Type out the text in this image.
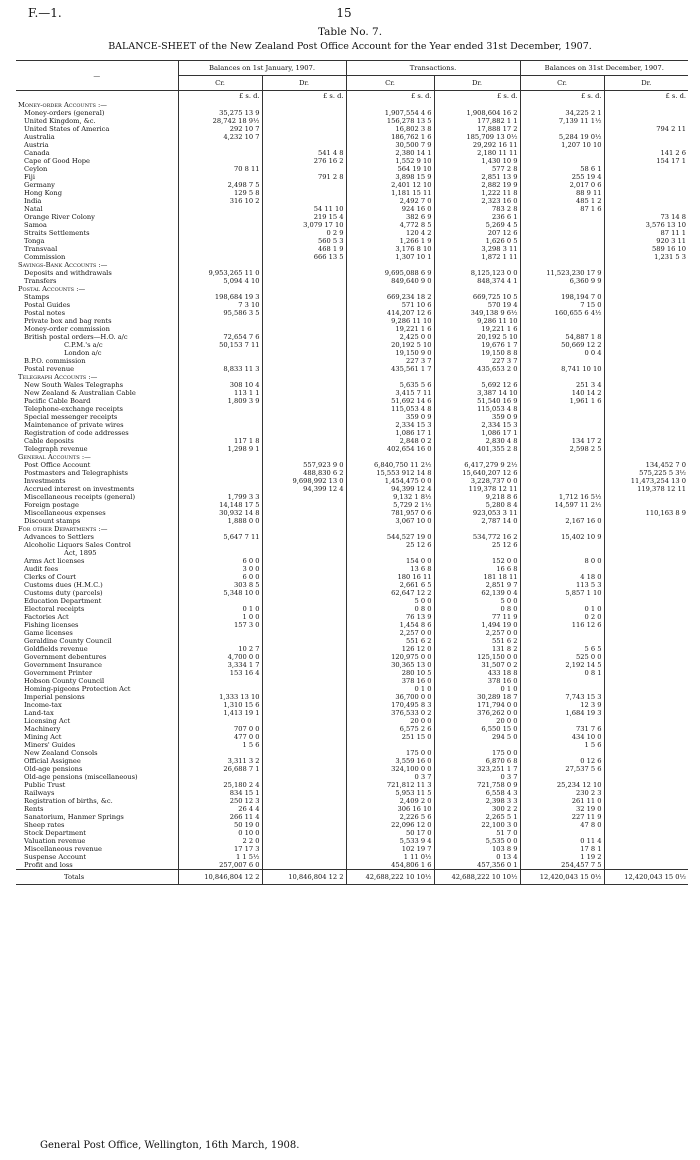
F.—1.	15
Table No. 7.
BALANCE-SHEET of the New Zealand Post Office Account for the Year ended 31st December, 1907.
—	Balances on 1st January, 1907.		Transactions.		Balances on 31st December, 1907.	
	Cr.	Dr.	Cr.	Dr.	Cr.	Dr.
	£ s. d.	£ s. d.	£ s. d.	£ s. d.	£ s. d.	£ s. d.
Money-order Accounts :—						
Money-orders (general)	35,275 13 9		1,907,554 4 6	1,908,604 16 2	34,225 2 1	
United Kingdom, &c.	28,742 18 9½		156,278 13 5	177,882 1 1	7,139 11 1½	
United States of America	292 10 7		16,802 3 8	17,888 17 2		794 2 11
Australia	4,232 10 7		186,762 1 6	185,709 13 0½	5,284 19 0½	
Austria			30,500 7 9	29,292 16 11	1,207 10 10	
Canada		541 4 8	2,380 14 1	2,180 11 11		141 2 6
Cape of Good Hope		276 16 2	1,552 9 10	1,430 10 9		154 17 1
Ceylon	70 8 11		564 19 10	577 2 8	58 6 1	
Fiji		791 2 8	3,898 15 9	2,851 13 9	255 19 4	
Germany	2,498 7 5		2,401 12 10	2,882 19 9	2,017 0 6	
Hong Kong	129 5 8		1,181 15 11	1,222 11 8	88 9 11	
India	316 10 2		2,492 7 0	2,323 16 0	485 1 2	
Natal		54 11 10	924 16 0	783 2 8	87 1 6	
Orange River Colony		219 15 4	382 6 9	236 6 1		73 14 8
Samoa		3,079 17 10	4,772 8 5	5,269 4 5		3,576 13 10
Straits Settlements		0 2 9	120 4 2	207 12 6		87 11 1
Tonga		560 5 3	1,266 1 9	1,626 0 5		920 3 11
Transvaal		468 1 9	3,176 8 10	3,298 3 11		589 16 10
Commission		666 13 5	1,307 10 1	1,872 1 11		1,231 5 3
Savings-Bank Accounts :—						
Deposits and withdrawals	9,953,265 11 0		9,695,088 6 9	8,125,123 0 0	11,523,230 17 9	
Transfers	5,094 4 10		849,640 9 0	848,374 4 1	6,360 9 9	
Postal Accounts :—						
Stamps	198,684 19 3		669,234 18 2	669,725 10 5	198,194 7 0	
Postal Guides	7 3 10		571 10 6	570 19 4	7 15 0	
Postal notes	95,586 3 5		414,207 12 6	349,138 9 6½	160,655 6 4½	
Private box and bag rents			9,286 11 10	9,286 11 10		
Money-order commission			19,221 1 6	19,221 1 6		
British postal orders—H.O. a/c	72,654 7 6		2,425 0 0	20,192 5 10	54,887 1 8	
C.P.M.'s a/c	50,153 7 11		20,192 5 10	19,676 1 7	50,669 12 2	
London a/c			19,150 9 0	19,150 8 8	0 0 4	
B.P.O. commission			227 3 7	227 3 7		
Postal revenue	8,833 11 3		435,561 1 7	435,653 2 0	8,741 10 10	
Telegraph Accounts :—						
New South Wales Telegraphs	308 10 4		5,635 5 6	5,692 12 6	251 3 4	
New Zealand & Australian Cable	113 1 1		3,415 7 11	3,387 14 10	140 14 2	
Pacific Cable Board	1,809 3 9		51,692 14 6	51,540 16 9	1,961 1 6	
Telephone-exchange receipts			115,053 4 8	115,053 4 8		
Special messenger receipts			359 0 9	359 0 9		
Maintenance of private wires			2,334 15 3	2,334 15 3		
Registration of code addresses			1,086 17 1	1,086 17 1		
Cable deposits	117 1 8		2,848 0 2	2,830 4 8	134 17 2	
Telegraph revenue	1,298 9 1		402,654 16 0	401,355 2 8	2,598 2 5	
General Accounts :—						
Post Office Account		557,923 9 0	6,840,750 11 2½	6,417,279 9 2½		134,452 7 0
Postmasters and Telegraphists		488,830 6 2	15,553 912 14 8	15,640,207 12 6		575,225 5 3½
Investments		9,698,992 13 0	1,454,475 0 0	3,228,737 0 0		11,473,254 13 0
Accrued interest on investments		94,399 12 4	94,399 12 4	119,378 12 11		119,378 12 11
Miscellaneous receipts (general)	1,799 3 3		9,132 1 8½	9,218 8 6	1,712 16 5½	
Foreign postage	14,148 17 5		5,729 2 1½	5,280 8 4	14,597 11 2½	
Miscellaneous expenses	30,932 14 8		781,957 0 6	923,053 3 11		110,163 8 9
Discount stamps	1,888 0 0		3,067 10 0	2,787 14 0	2,167 16 0	
For other Departments :—						
Advances to Settlers	5,647 7 11		544,527 19 0	534,772 16 2	15,402 10 9	
Alcoholic Liquors Sales Control			25 12 6	25 12 6		
Act, 1895						
Arms Act licenses	6 0 0		154 0 0	152 0 0	8 0 0	
Audit fees	3 0 0		13 6 8	16 6 8		
Clerks of Court	6 0 0		180 16 11	181 18 11	4 18 0	
Customs dues (H.M.C.)	303 8 5		2,661 6 5	2,851 9 7	113 5 3	
Customs duty (parcels)	5,348 10 0		62,647 12 2	62,139 0 4	5,857 1 10	
Education Department			5 0 0	5 0 0		
Electoral receipts	0 1 0		0 8 0	0 8 0	0 1 0	
Factories Act	1 0 0		76 13 9	77 11 9	0 2 0	
Fishing licenses	157 3 0		1,454 8 6	1,494 19 0	116 12 6	
Game licenses			2,257 0 0	2,257 0 0		
Geraldine County Council			551 6 2	551 6 2		
Goldfields revenue	10 2 7		126 12 0	131 8 2	5 6 5	
Government debentures	4,700 0 0		120,975 0 0	125,150 0 0	525 0 0	
Government Insurance	3,334 1 7		30,365 13 0	31,507 0 2	2,192 14 5	
Government Printer	153 16 4		280 10 5	433 18 8	0 8 1	
Hobson County Council			378 16 0	378 16 0		
Homing-pigeons Protection Act			0 1 0	0 1 0		
Imperial pensions	1,333 13 10		36,700 0 0	30,289 18 7	7,743 15 3	
Income-tax	1,310 15 6		170,495 8 3	171,794 0 0	12 3 9	
Land-tax	1,413 19 1		376,533 0 2	376,262 0 0	1,684 19 3	
Licensing Act			20 0 0	20 0 0		
Machinery	707 0 0		6,575 2 6	6,550 15 0	731 7 6	
Mining Act	477 0 0		251 15 0	294 5 0	434 10 0	
Miners' Guides	1 5 6				1 5 6	
New Zealand Consols			175 0 0	175 0 0		
Official Assignee	3,311 3 2		3,559 16 0	6,870 6 8	0 12 6	
Old-age pensions	26,688 7 1		324,100 0 0	323,251 1 7	27,537 5 6	
Old-age pensions (miscellaneous)			0 3 7	0 3 7		
Public Trust	25,180 2 4		721,812 11 3	721,758 0 9	25,234 12 10	
Railways	834 15 1		5,953 11 5	6,558 4 3	230 2 3	
Registration of births, &c.	250 12 3		2,409 2 0	2,398 3 3	261 11 0	
Rents	26 4 4		306 16 10	300 2 2	32 19 0	
Sanatorium, Hanmer Springs	266 11 4		2,226 5 6	2,265 5 1	227 11 9	
Sheep rates	50 19 0		22,096 12 0	22,100 3 0	47 8 0	
Stock Department	0 10 0		50 17 0	51 7 0		
Valuation revenue	2 2 0		5,533 9 4	5,535 0 0	0 11 4	
Miscellaneous revenue	17 17 3		102 19 7	103 8 9	17 8 1	
Suspense Account	1 1 5½		1 11 0½	0 13 4	1 19 2	
Profit and loss	257,007 6 0		454,806 1 6	457,356 0 1	254,457 7 5	
Totals	10,846,804 12 2	10,846,804 12 2	42,688,222 10 10½	42,688,222 10 10½	12,420,043 15 0½	12,420,043 15 0½
General Post Office, Wellington, 16th March, 1908.
